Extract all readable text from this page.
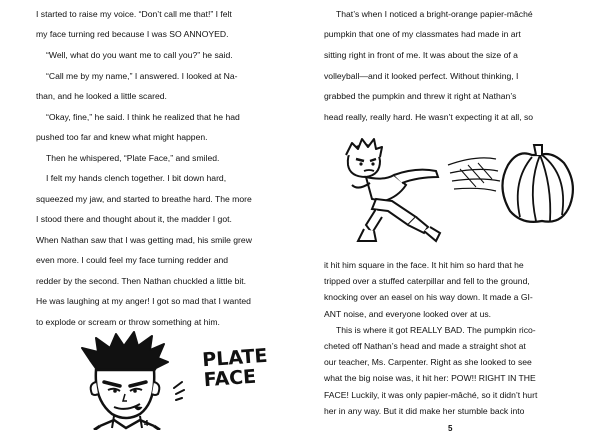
I started to raise my voice. “Don’t call me that!” I felt

my face turning red because I was SO ANNOYED.

“Well, what do you want me to call you?” he said.

“Call me by my name,” I answered. I looked at Na-

than, and he looked a little scared.

“Okay, fine,” he said. I think he realized that he had

pushed too far and knew what might happen.

Then he whispered, “Plate Face,” and smiled.

I felt my hands clench together. I bit down hard,

squeezed my jaw, and started to breathe hard. The more

I stood there and thought about it, the madder I got.

When Nathan saw that I was getting mad, his smile grew

even more. I could feel my face turning redder and

redder by the second. Then Nathan chuckled a little bit.

He was laughing at my anger! I got so mad that I wanted

to explode or scream or throw something at him.

PLATE
FACE
4

That’s when I noticed a bright-orange papier-mâché

pumpkin that one of my classmates had made in art

sitting right in front of me. It was about the size of a

volleyball—and it looked perfect. Without thinking, I

grabbed the pumpkin and threw it right at Nathan’s

head really, really hard. He wasn’t expecting it at all, so

it hit him square in the face. It hit him so hard that he

tripped over a stuffed caterpillar and fell to the ground,

knocking over an easel on his way down. It made a GI-

ANT noise, and everyone looked over at us.

This is where it got REALLY BAD. The pumpkin rico-

cheted off Nathan’s head and made a straight shot at

our teacher, Ms. Carpenter. Right as she looked to see

what the big noise was, it hit her: POW!! RIGHT IN THE

FACE! Luckily, it was only papier-mâché, so it didn’t hurt

her in any way. But it did make her stumble back into

5
